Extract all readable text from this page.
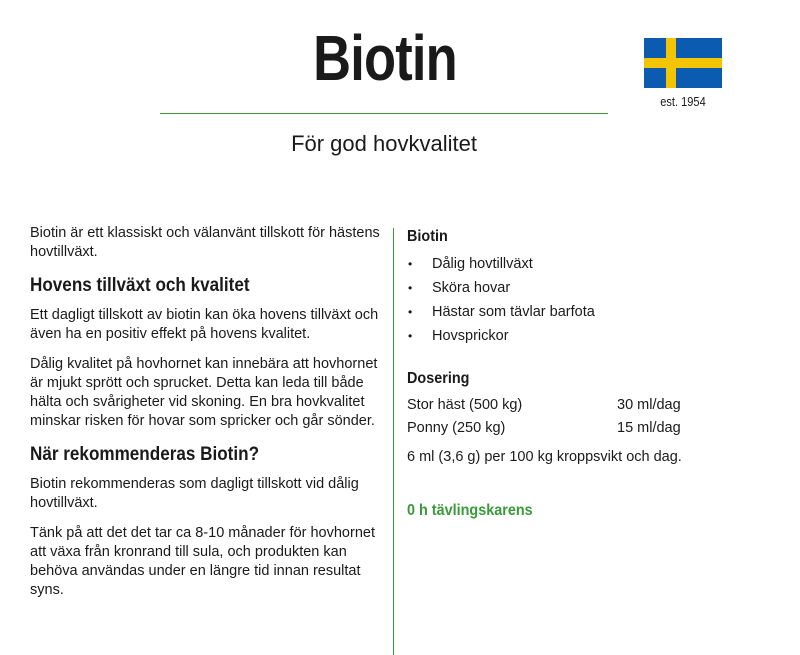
Biotin
För god hovkvalitet
est. 1954

Biotin är ett klassiskt och välanvänt tillskott för hästens hovtillväxt.

Hovens tillväxt och kvalitet

Ett dagligt tillskott av biotin kan öka hovens tillväxt och även ha en positiv effekt på hovens kvalitet.

Dålig kvalitet på hovhornet kan innebära att hovhornet är mjukt sprött och sprucket. Detta kan leda till både hälta och svårigheter vid skoning. En bra hovkvalitet minskar risken för hovar som spricker och går sönder.

När rekommenderas Biotin?

Biotin rekommenderas som dagligt tillskott vid dålig hovtillväxt.

Tänk på att det det tar ca 8-10 månader för hovhornet att växa från kronrand till sula, och produkten kan behöva användas under en längre tid innan resultat syns.

Biotin
• Dålig hovtillväxt
• Sköra hovar
• Hästar som tävlar barfota
• Hovsprickor
Dosering
Stor häst (500 kg)	30 ml/dag
Ponny (250 kg)	15 ml/dag
6 ml (3,6 g) per 100 kg kroppsvikt och dag.
0 h tävlingskarens
